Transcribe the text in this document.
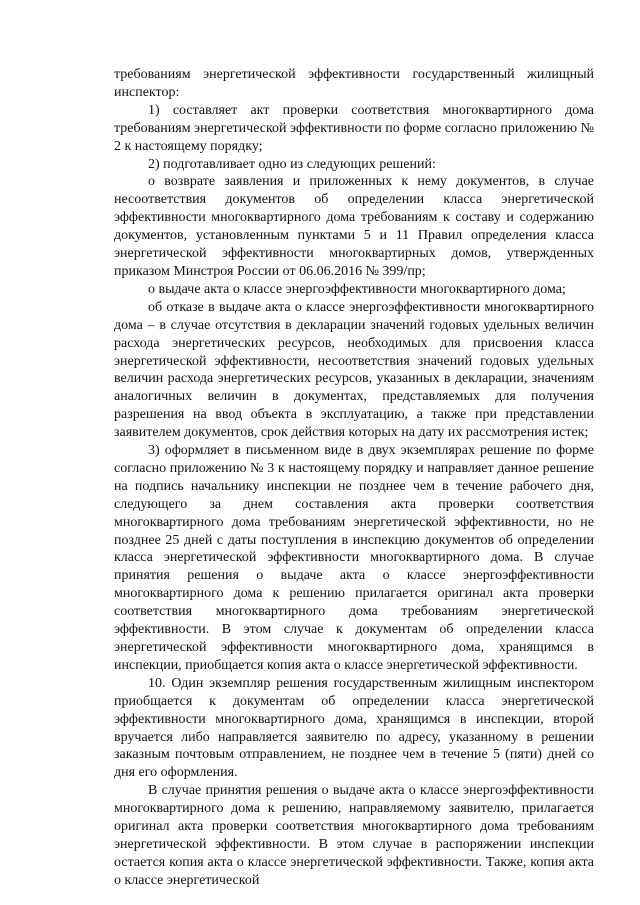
требованиям энергетической эффективности государственный жилищный инспектор:

1) составляет акт проверки соответствия многоквартирного дома требованиям энергетической эффективности по форме согласно приложению № 2 к настоящему порядку;

2) подготавливает одно из следующих решений:

о возврате заявления и приложенных к нему документов, в случае несоответствия документов об определении класса энергетической эффективности многоквартирного дома требованиям к составу и содержанию документов, установленным пунктами 5 и 11 Правил определения класса энергетической эффективности многоквартирных домов, утвержденных приказом Минстроя России от 06.06.2016 № 399/пр;

о выдаче акта о классе энергоэффективности многоквартирного дома;

об отказе в выдаче акта о классе энергоэффективности многоквартирного дома – в случае отсутствия в декларации значений годовых удельных величин расхода энергетических ресурсов, необходимых для присвоения класса энергетической эффективности, несоответствия значений годовых удельных величин расхода энергетических ресурсов, указанных в декларации, значениям аналогичных величин в документах, представляемых для получения разрешения на ввод объекта в эксплуатацию, а также при представлении заявителем документов, срок действия которых на дату их рассмотрения истек;

3) оформляет в письменном виде в двух экземплярах решение по форме согласно приложению № 3 к настоящему порядку и направляет данное решение на подпись начальнику инспекции не позднее чем в течение рабочего дня, следующего за днем составления акта проверки соответствия многоквартирного дома требованиям энергетической эффективности, но не позднее 25 дней с даты поступления в инспекцию документов об определении класса энергетической эффективности многоквартирного дома. В случае принятия решения о выдаче акта о классе энергоэффективности многоквартирного дома к решению прилагается оригинал акта проверки соответствия многоквартирного дома требованиям энергетической эффективности. В этом случае к документам об определении класса энергетической эффективности многоквартирного дома, хранящимся в инспекции, приобщается копия акта о классе энергетической эффективности.

10. Один экземпляр решения государственным жилищным инспектором приобщается к документам об определении класса энергетической эффективности многоквартирного дома, хранящимся в инспекции, второй вручается либо направляется заявителю по адресу, указанному в решении заказным почтовым отправлением, не позднее чем в течение 5 (пяти) дней со дня его оформления.

В случае принятия решения о выдаче акта о классе энергоэффективности многоквартирного дома к решению, направляемому заявителю, прилагается оригинал акта проверки соответствия многоквартирного дома требованиям энергетической эффективности. В этом случае в распоряжении инспекции остается копия акта о классе энергетической эффективности. Также, копия акта о классе энергетической
